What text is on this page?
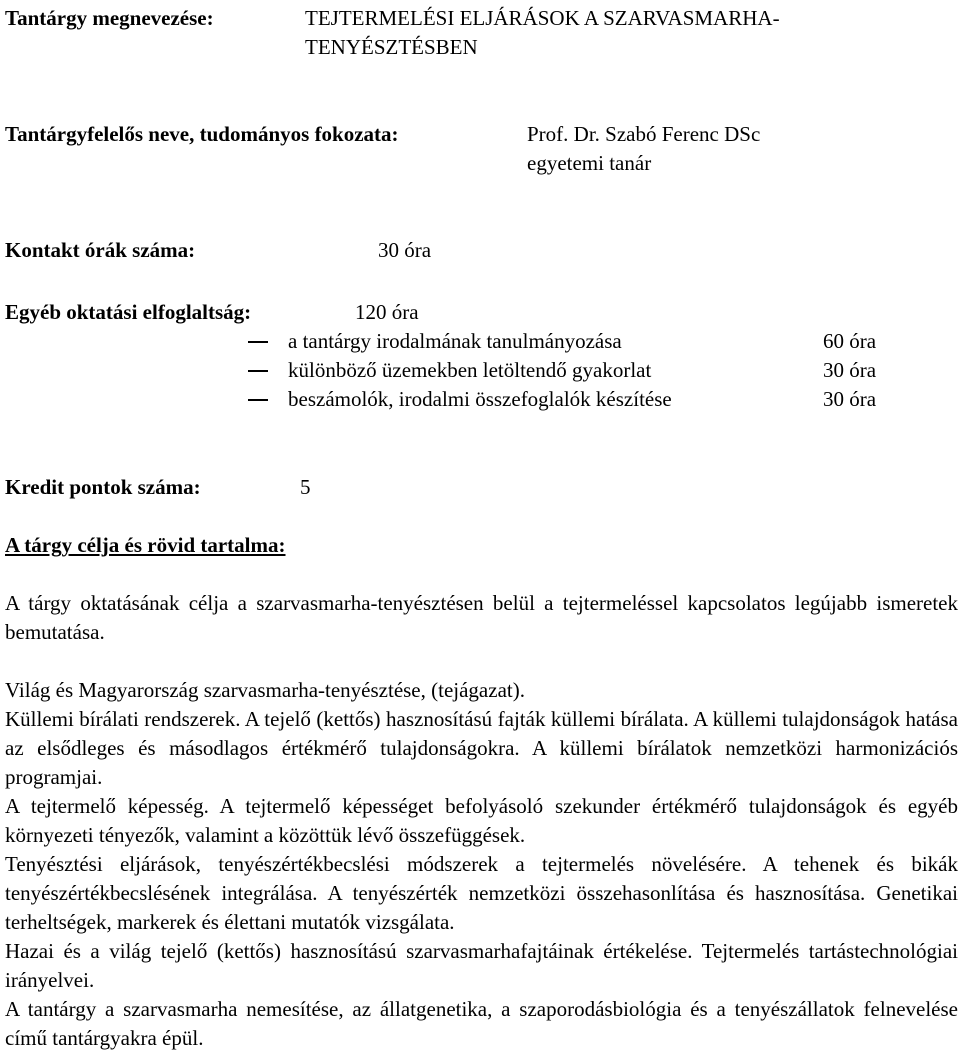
Tantárgy megnevezése:	TEJTERMELÉSI ELJÁRÁSOK A SZARVASMARHA-
TENYÉSZTÉSBEN
Tantárgyfelelős neve, tudományos fokozata:	Prof. Dr. Szabó Ferenc DSc
egyetemi tanár
Kontakt órák száma:	30 óra
Egyéb oktatási elfoglaltság:	120 óra
a tantárgy irodalmának tanulmányozása	60 óra
különböző üzemekben letöltendő gyakorlat	30 óra
beszámolók, irodalmi összefoglalók készítése	30 óra
Kredit pontok száma:	5
A tárgy célja és rövid tartalma:

A tárgy oktatásának célja a szarvasmarha-tenyésztésen belül a tejtermeléssel kapcsolatos legújabb ismeretek bemutatása.

Világ és Magyarország szarvasmarha-tenyésztése, (tejágazat).

Küllemi bírálati rendszerek. A tejelő (kettős) hasznosítású fajták küllemi bírálata. A küllemi tulajdonságok hatása az elsődleges és másodlagos értékmérő tulajdonságokra. A küllemi bírálatok nemzetközi harmonizációs programjai.

A tejtermelő képesség. A tejtermelő képességet befolyásoló szekunder értékmérő tulajdonságok és egyéb környezeti tényezők, valamint a közöttük lévő összefüggések.

Tenyésztési eljárások, tenyészértékbecslési módszerek a tejtermelés növelésére. A tehenek és bikák tenyészértékbecslésének integrálása. A tenyészérték nemzetközi összehasonlítása és hasznosítása. Genetikai terheltségek, markerek és élettani mutatók vizsgálata.

Hazai és a világ tejelő (kettős) hasznosítású szarvasmarhafajtáinak értékelése. Tejtermelés tartástechnológiai irányelvei.

A tantárgy a szarvasmarha nemesítése, az állatgenetika, a szaporodásbiológia és a tenyészállatok felnevelése című tantárgyakra épül.
